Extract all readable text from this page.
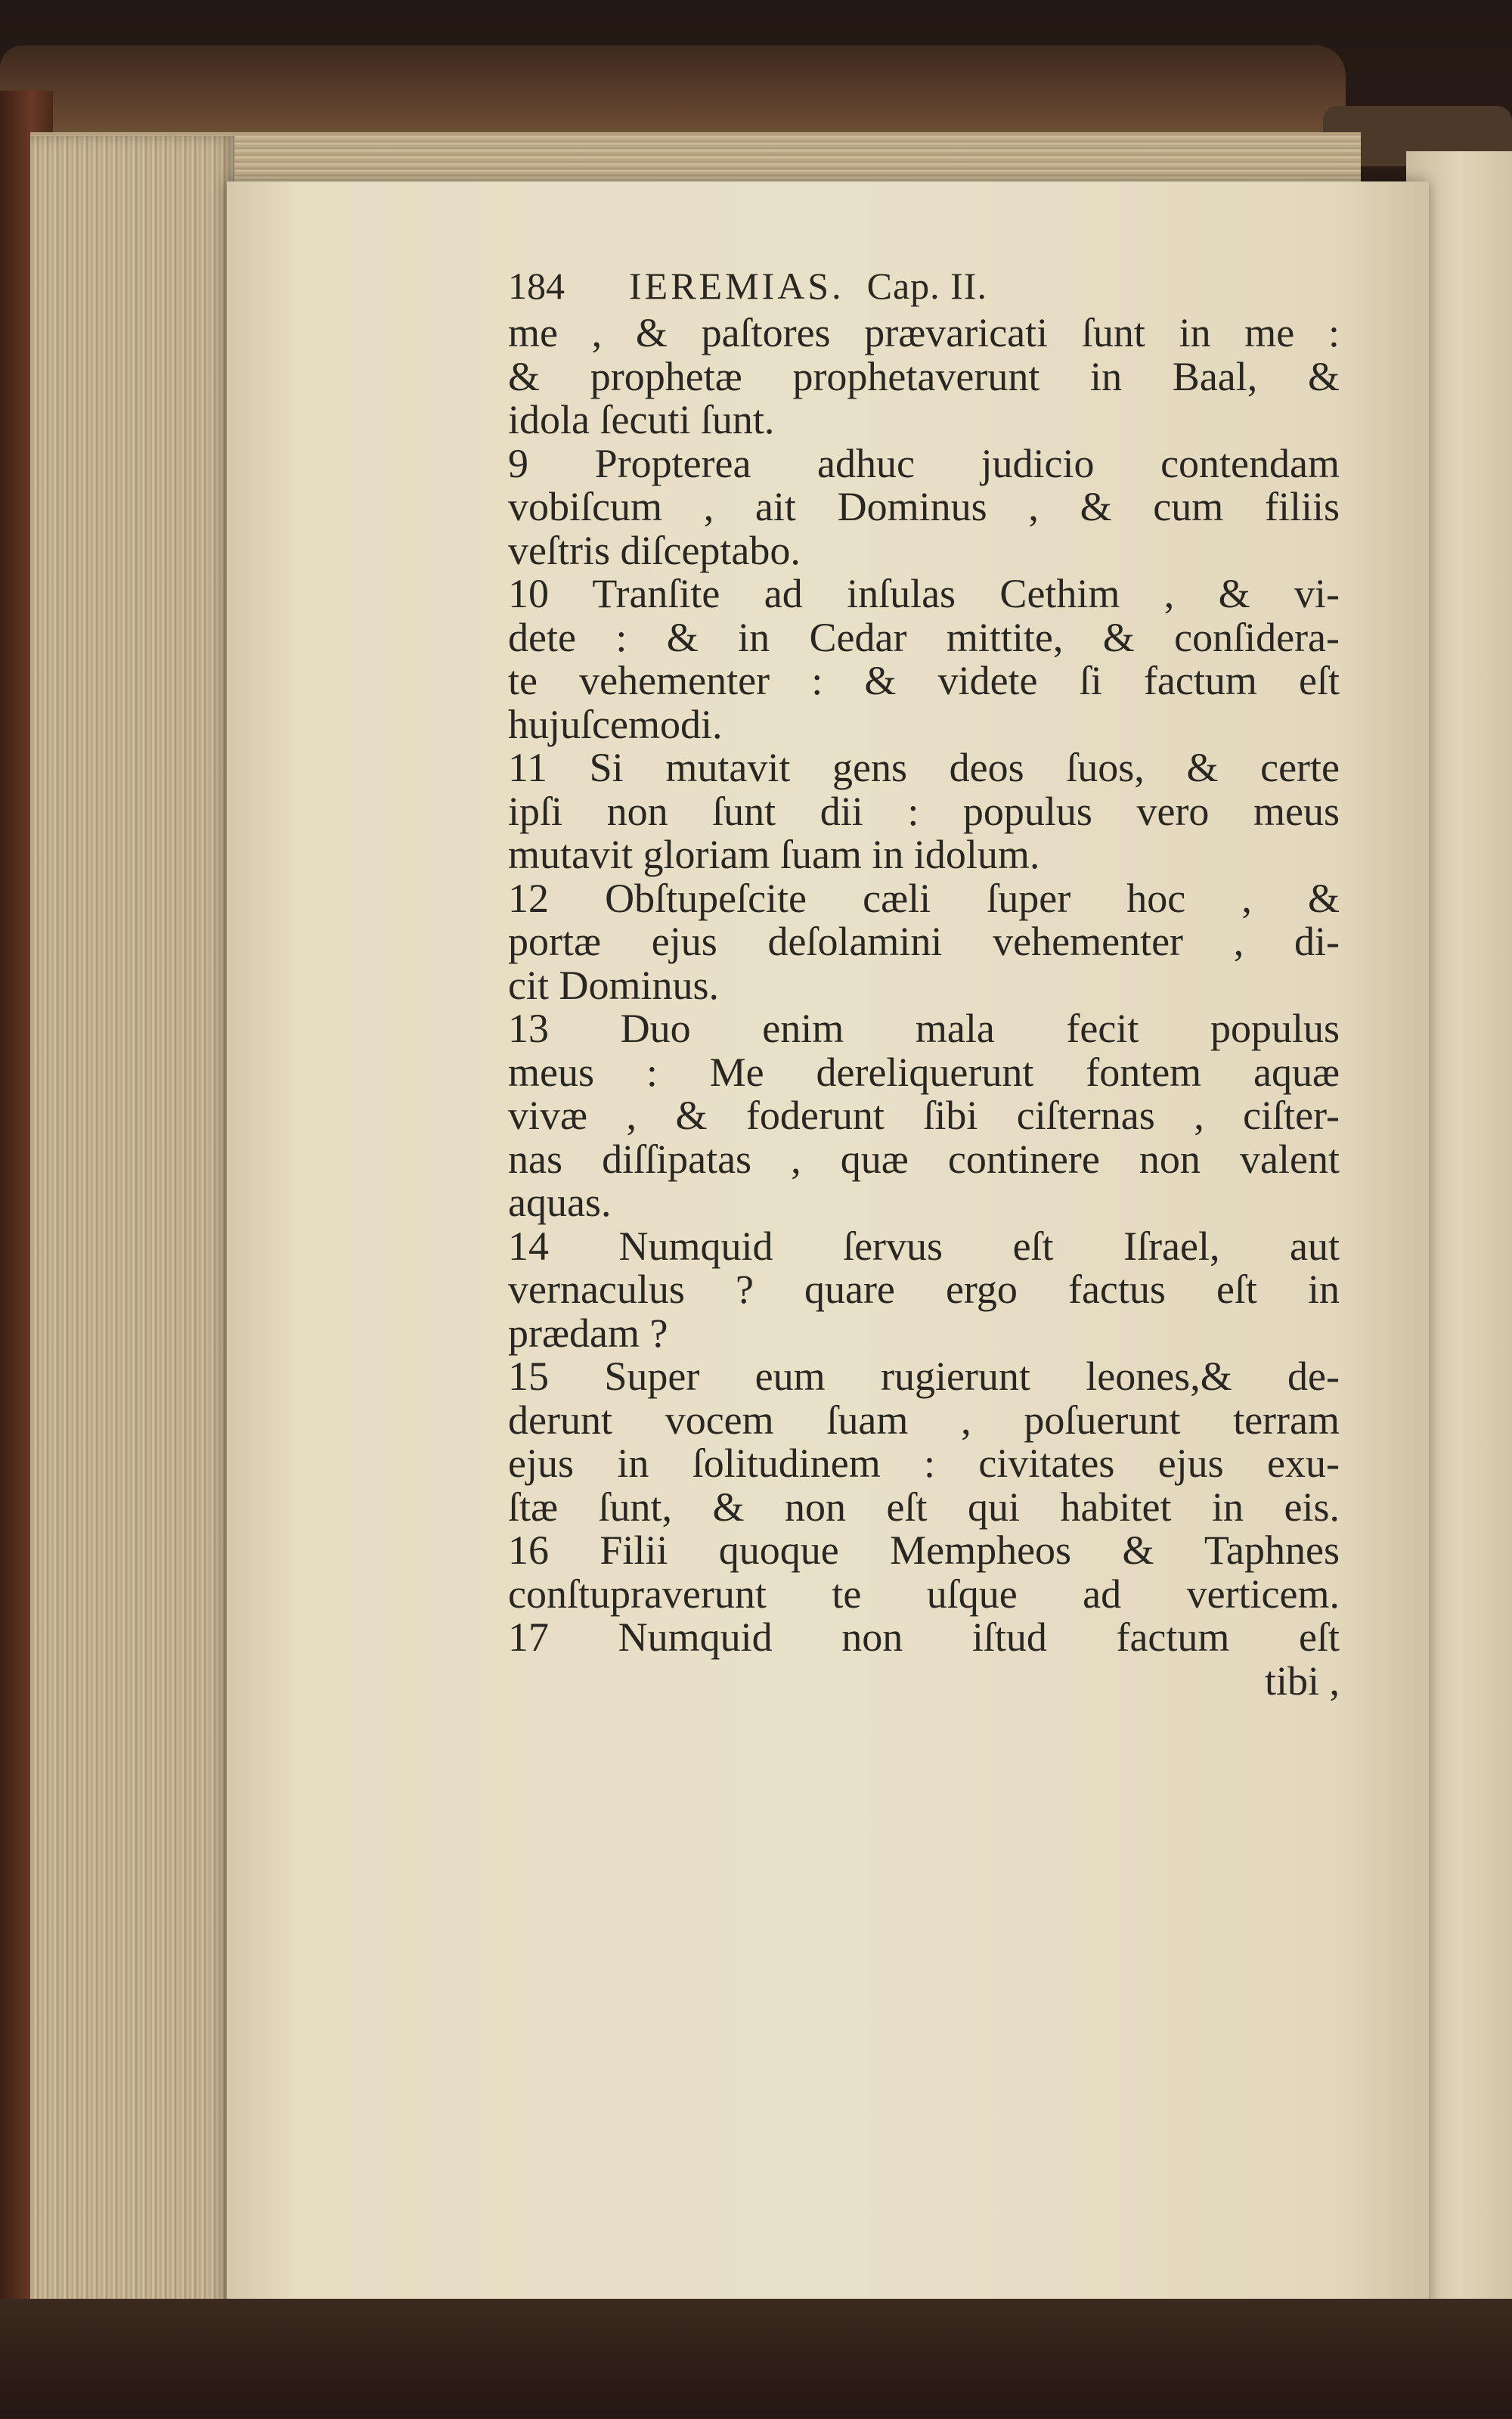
184	IEREMIAS. Cap. II.
me , & paſtores prævaricati ſunt in me :
& prophetæ prophetaverunt in Baal, &
idola ſecuti ſunt.
9 Propterea adhuc judicio contendam
vobiſcum , ait Dominus , & cum filiis
veſtris diſceptabo.
10 Tranſite ad inſulas Cethim , & vi-
dete : & in Cedar mittite, & conſidera-
te vehementer : & videte ſi factum eſt
hujuſcemodi.
11 Si mutavit gens deos ſuos, & certe
ipſi non ſunt dii : populus vero meus
mutavit gloriam ſuam in idolum.
12 Obſtupeſcite cæli ſuper hoc , &
portæ ejus deſolamini vehementer , di-
cit Dominus.
13 Duo enim mala fecit populus
meus : Me dereliquerunt fontem aquæ
vivæ , & foderunt ſibi ciſternas , ciſter-
nas diſſipatas , quæ continere non valent
aquas.
14 Numquid ſervus eſt Iſrael, aut
vernaculus ? quare ergo factus eſt in
prædam ?
15 Super eum rugierunt leones,& de-
derunt vocem ſuam , poſuerunt terram
ejus in ſolitudinem : civitates ejus exu-
ſtæ ſunt, & non eſt qui habitet in eis.
16 Filii quoque Mempheos & Taphnes
conſtupraverunt te uſque ad verticem.
17 Numquid non iſtud factum eſt
tibi ,
